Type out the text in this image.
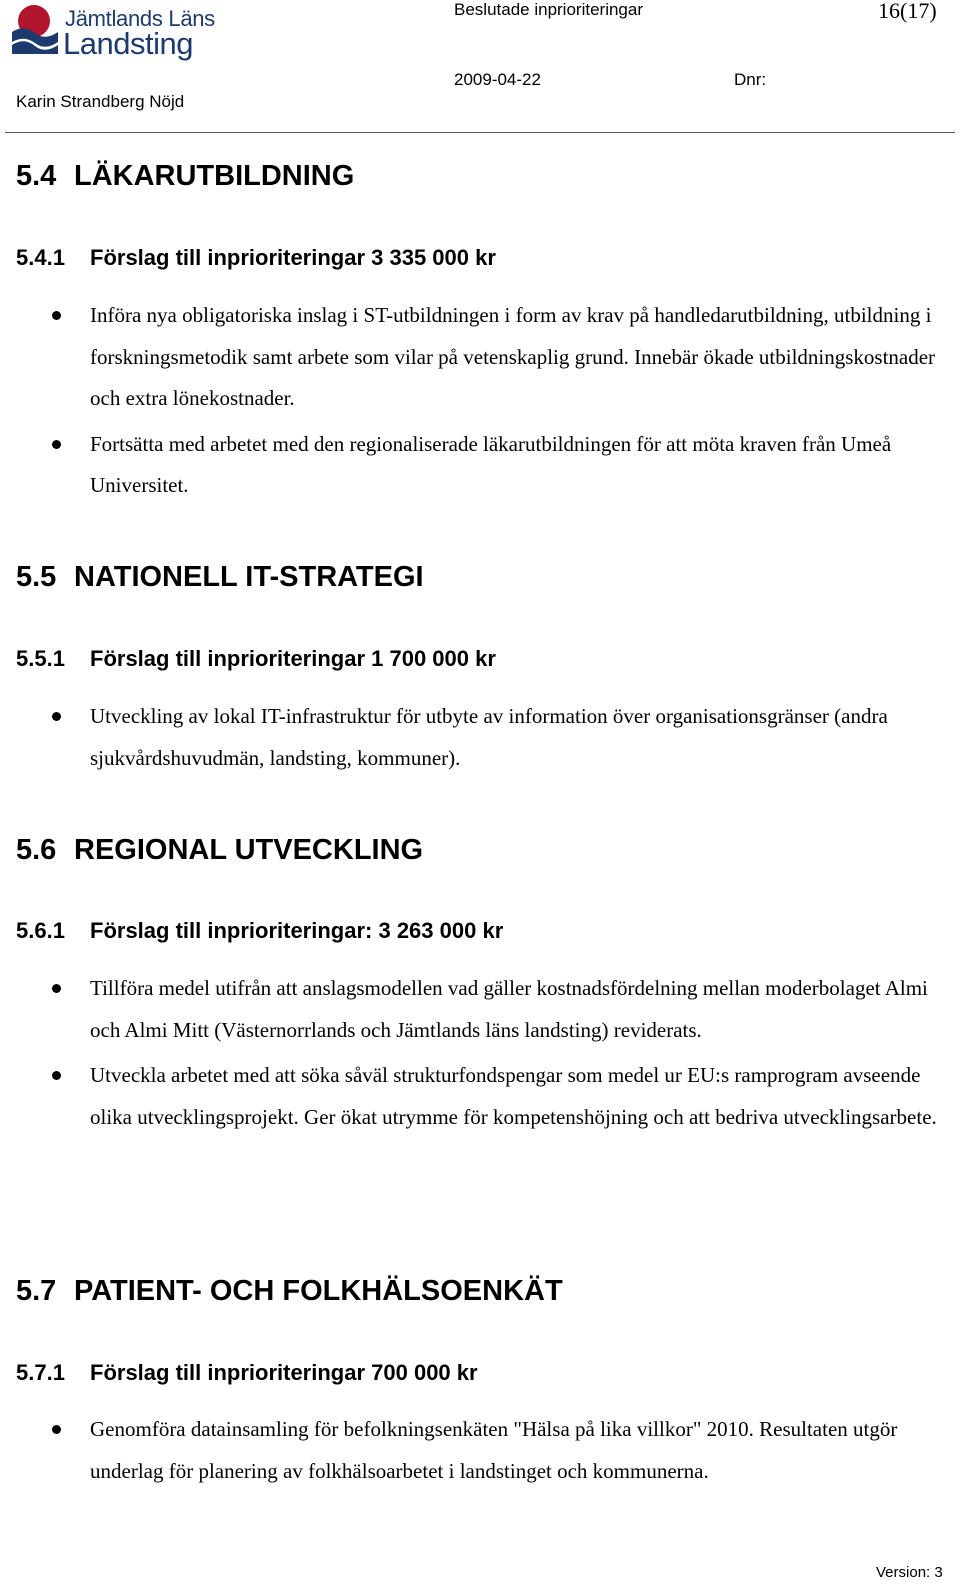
Jämtlands Läns
Landsting
Beslutade inprioriteringar	16(17)
2009-04-22	Dnr:
Karin Strandberg Nöjd
5.4 LÄKARUTBILDNING
5.4.1 Förslag till inprioriteringar 3 335 000 kr
Införa nya obligatoriska inslag i ST-utbildningen i form av krav på handledarutbildning, utbildning i forskningsmetodik samt arbete som vilar på vetenskaplig grund. Innebär ökade utbildningskostnader och extra lönekostnader.
Fortsätta med arbetet med den regionaliserade läkarutbildningen för att möta kraven från Umeå Universitet.
5.5 NATIONELL IT-STRATEGI
5.5.1 Förslag till inprioriteringar 1 700 000 kr
Utveckling av lokal IT-infrastruktur för utbyte av information över organisationsgränser (andra sjukvårdshuvudmän, landsting, kommuner).
5.6 REGIONAL UTVECKLING
5.6.1 Förslag till inprioriteringar: 3 263 000 kr
Tillföra medel utifrån att anslagsmodellen vad gäller kostnadsfördelning mellan moderbolaget Almi och Almi Mitt (Västernorrlands och Jämtlands läns landsting) reviderats.
Utveckla arbetet med att söka såväl strukturfondspengar som medel ur EU:s ramprogram avseende olika utvecklingsprojekt. Ger ökat utrymme för kompetenshöjning och att bedriva utvecklingsarbete.
5.7 PATIENT- OCH FOLKHÄLSOENKÄT
5.7.1 Förslag till inprioriteringar 700 000 kr
Genomföra datainsamling för befolkningsenkäten "Hälsa på lika villkor" 2010. Resultaten utgör underlag för planering av folkhälsoarbetet i landstinget och kommunerna.
Version: 3
